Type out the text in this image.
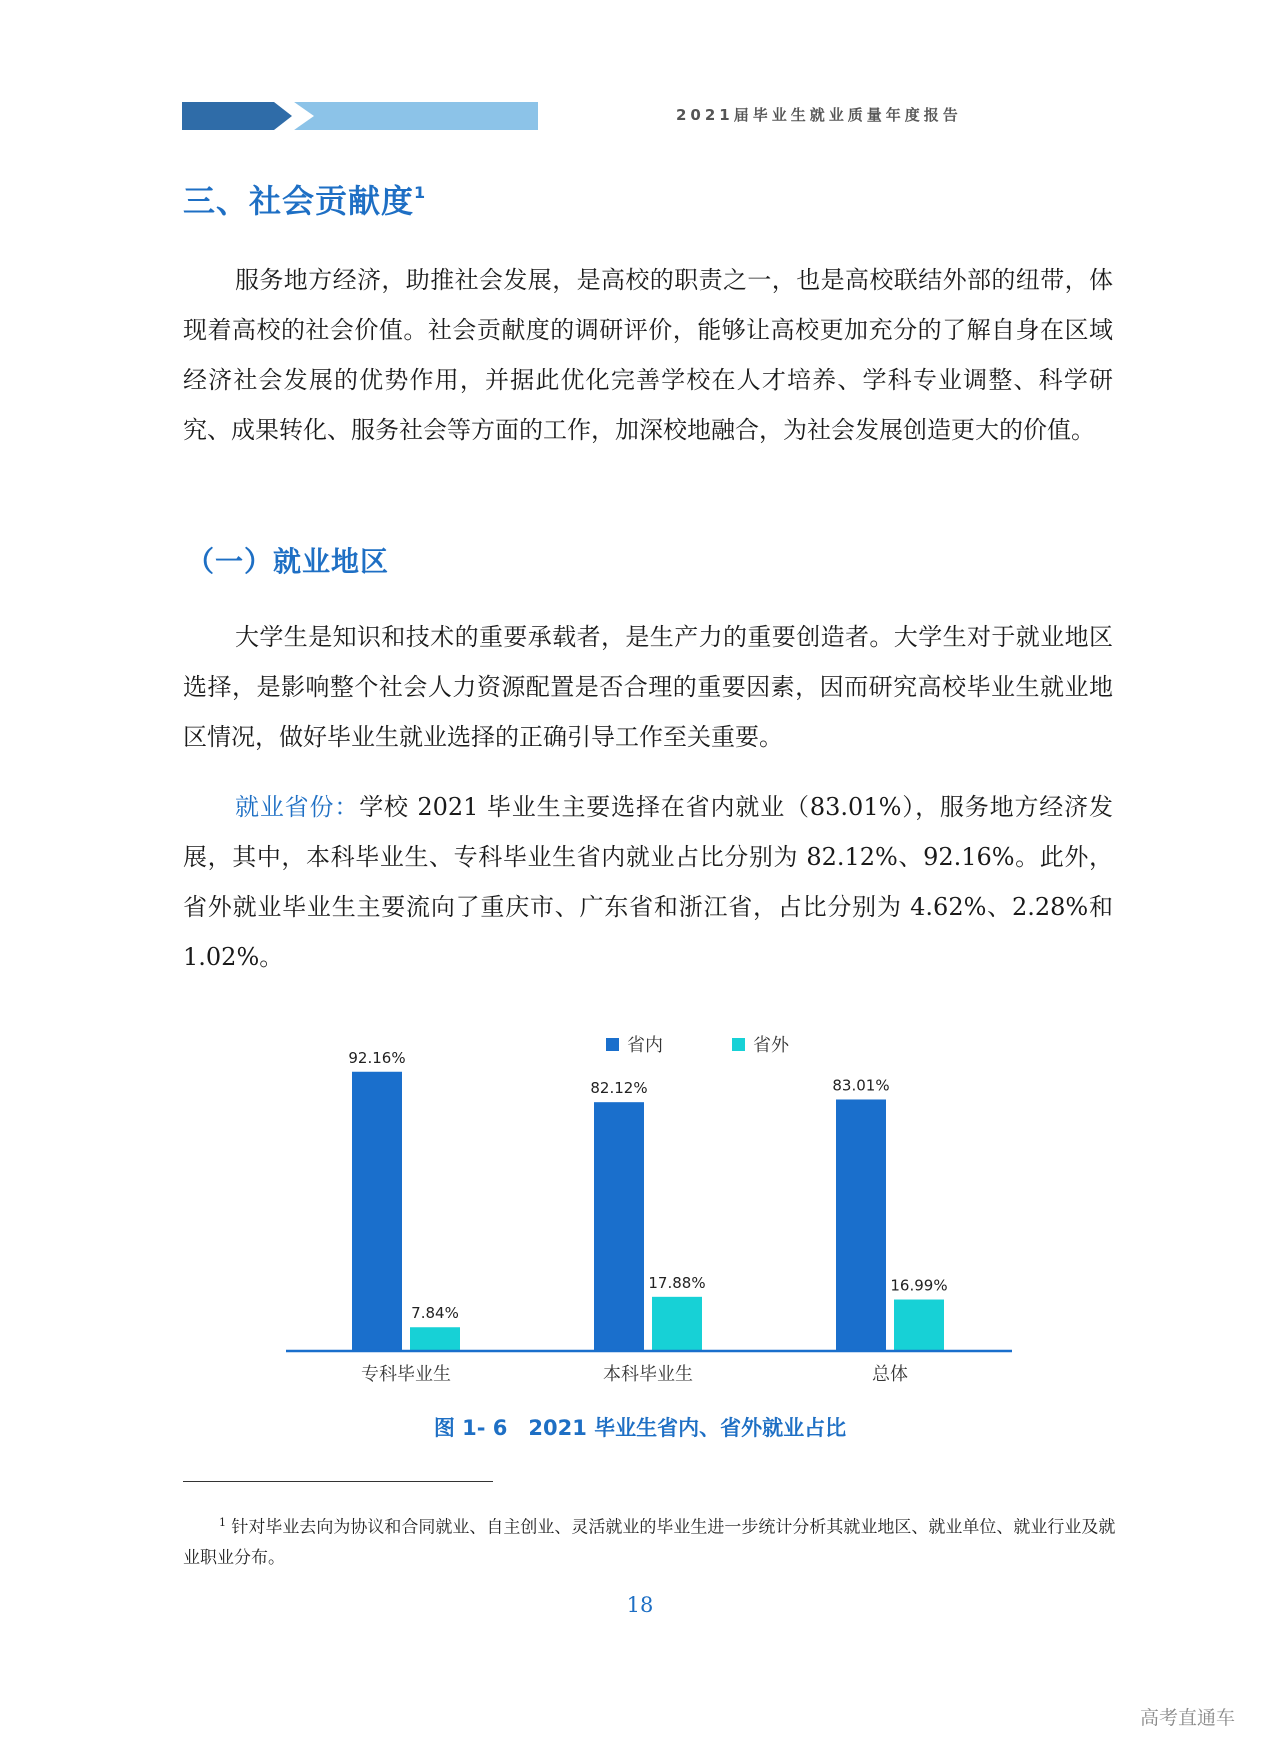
2021届毕业生就业质量年度报告
三、社会贡献度$^1$
服务地方经济，助推社会发展，是高校的职责之一，也是高校联结外部的纽带，体现着高校的社会价值。社会贡献度的调研评价，能够让高校更加充分的了解自身在区域经济社会发展的优势作用，并据此优化完善学校在人才培养、学科专业调整、科学研究、成果转化、服务社会等方面的工作，加深校地融合，为社会发展创造更大的价值。
（一）就业地区
大学生是知识和技术的重要承载者，是生产力的重要创造者。大学生对于就业地区选择，是影响整个社会人力资源配置是否合理的重要因素，因而研究高校毕业生就业地区情况，做好毕业生就业选择的正确引导工作至关重要。
就业省份：学校 2021 毕业生主要选择在省内就业（83.01%），服务地方经济发展，其中，本科毕业生、专科毕业生省内就业占比分别为 82.12%、92.16%。此外，省外就业毕业生主要流向了重庆市、广东省和浙江省，占比分别为 4.62%、2.28%和 1.02%。
92.16%
7.84%
专科毕业生
82.12%
17.88%
本科毕业生
83.01%
16.99%
总体
省内	省外
图 1- 6　2021 毕业生省内、省外就业占比
$^1$ 针对毕业去向为协议和合同就业、自主创业、灵活就业的毕业生进一步统计分析其就业地区、就业单位、就业行业及就业职业分布。
18
高考直通车
